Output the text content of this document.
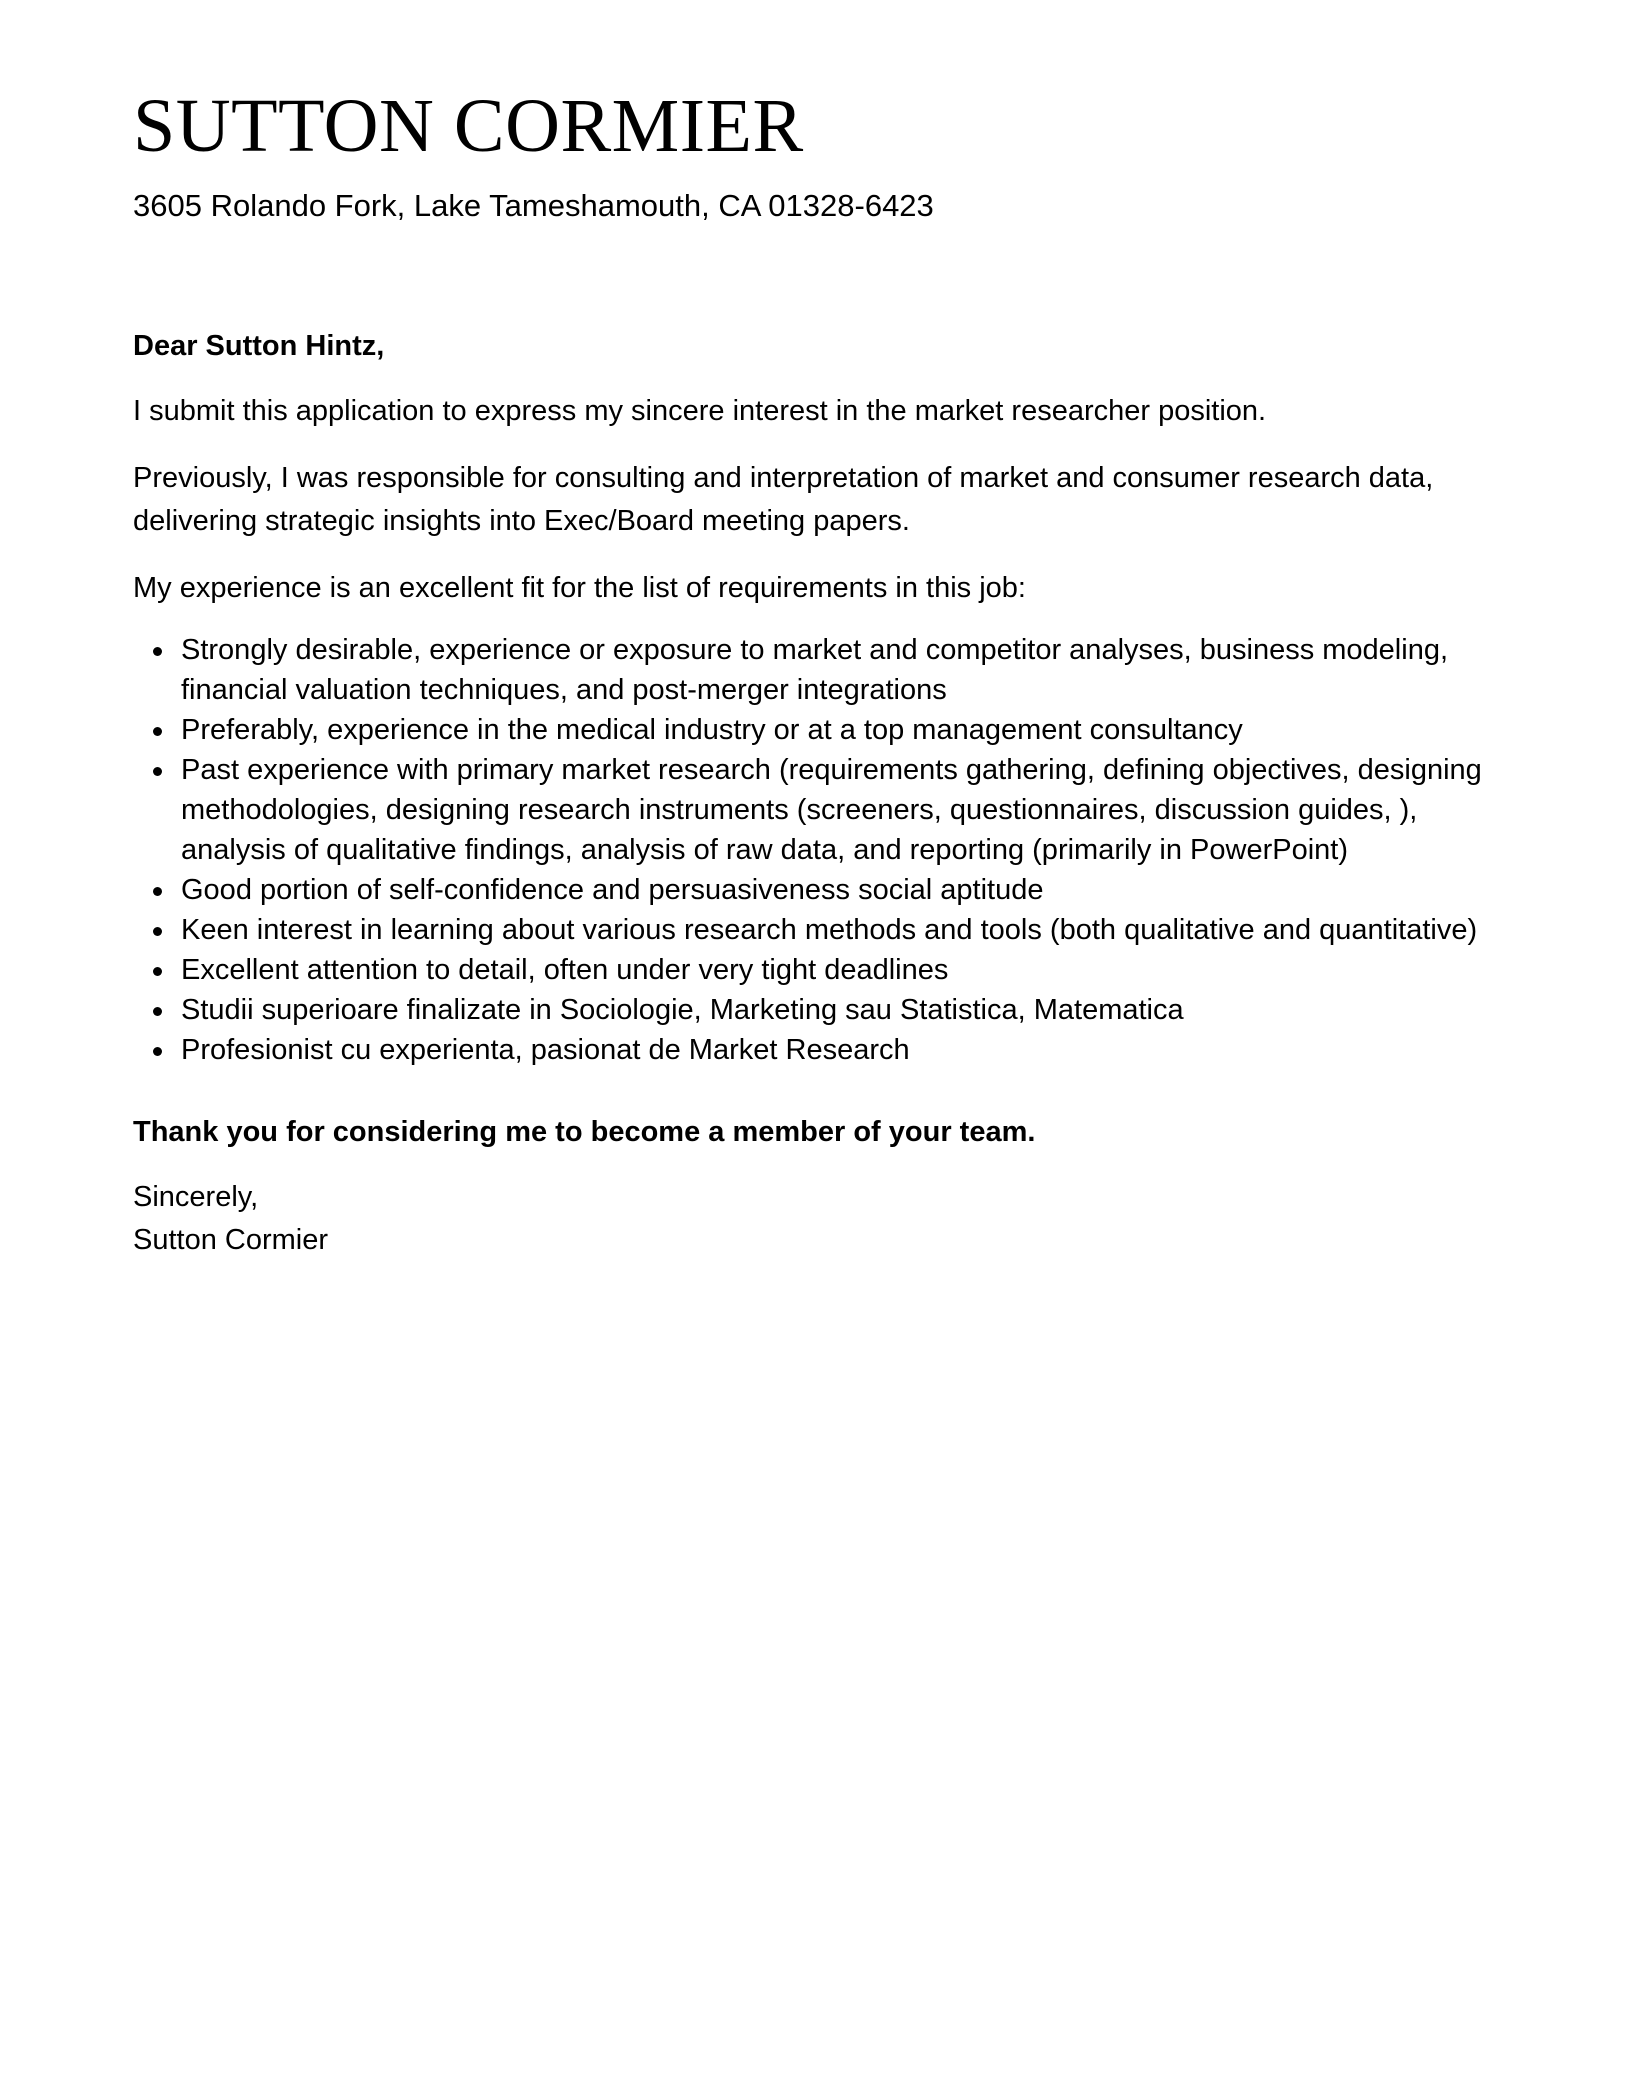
SUTTON CORMIER
3605 Rolando Fork, Lake Tameshamouth, CA 01328-6423
Dear Sutton Hintz,

I submit this application to express my sincere interest in the market researcher position.

Previously, I was responsible for consulting and interpretation of market and consumer research data, delivering strategic insights into Exec/Board meeting papers.

My experience is an excellent fit for the list of requirements in this job:

Strongly desirable, experience or exposure to market and competitor analyses, business modeling, financial valuation techniques, and post-merger integrations
Preferably, experience in the medical industry or at a top management consultancy
Past experience with primary market research (requirements gathering, defining objectives, designing methodologies, designing research instruments (screeners, questionnaires, discussion guides, ), analysis of qualitative findings, analysis of raw data, and reporting (primarily in PowerPoint)
Good portion of self-confidence and persuasiveness social aptitude
Keen interest in learning about various research methods and tools (both qualitative and quantitative)
Excellent attention to detail, often under very tight deadlines
Studii superioare finalizate in Sociologie, Marketing sau Statistica, Matematica
Profesionist cu experienta, pasionat de Market Research
Thank you for considering me to become a member of your team.
Sincerely,
Sutton Cormier
